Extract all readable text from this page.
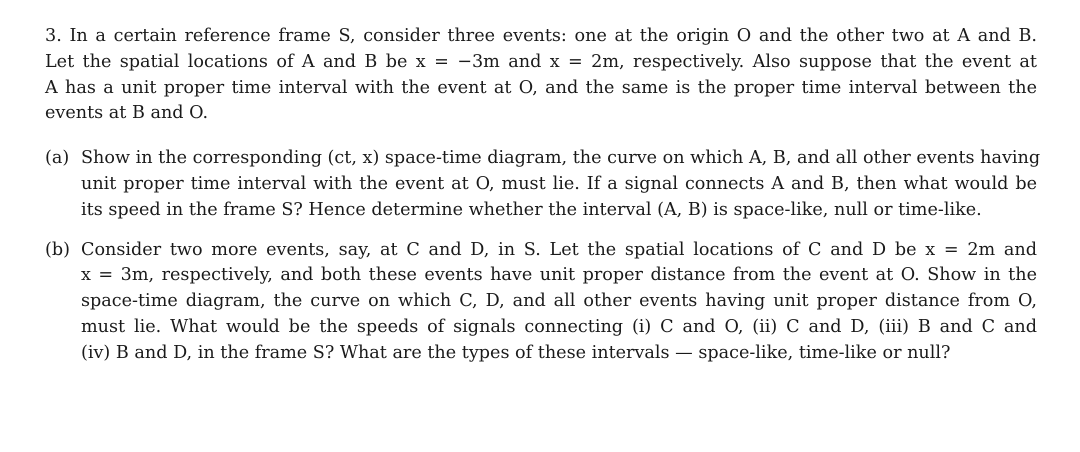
3. In a certain reference frame S, consider three events: one at the origin O and the other two at A and B.
Let the spatial locations of A and B be x = −3m and x = 2m, respectively. Also suppose that the event at
A has a unit proper time interval with the event at O, and the same is the proper time interval between the
events at B and O.
(a) Show in the corresponding (ct, x) space-time diagram, the curve on which A, B, and all other events having
unit proper time interval with the event at O, must lie. If a signal connects A and B, then what would be
its speed in the frame S? Hence determine whether the interval (A, B) is space-like, null or time-like.
(b) Consider two more events, say, at C and D, in S. Let the spatial locations of C and D be x = 2m and
x = 3m, respectively, and both these events have unit proper distance from the event at O. Show in the
space-time diagram, the curve on which C, D, and all other events having unit proper distance from O,
must lie. What would be the speeds of signals connecting (i) C and O, (ii) C and D, (iii) B and C and
(iv) B and D, in the frame S? What are the types of these intervals — space-like, time-like or null?
